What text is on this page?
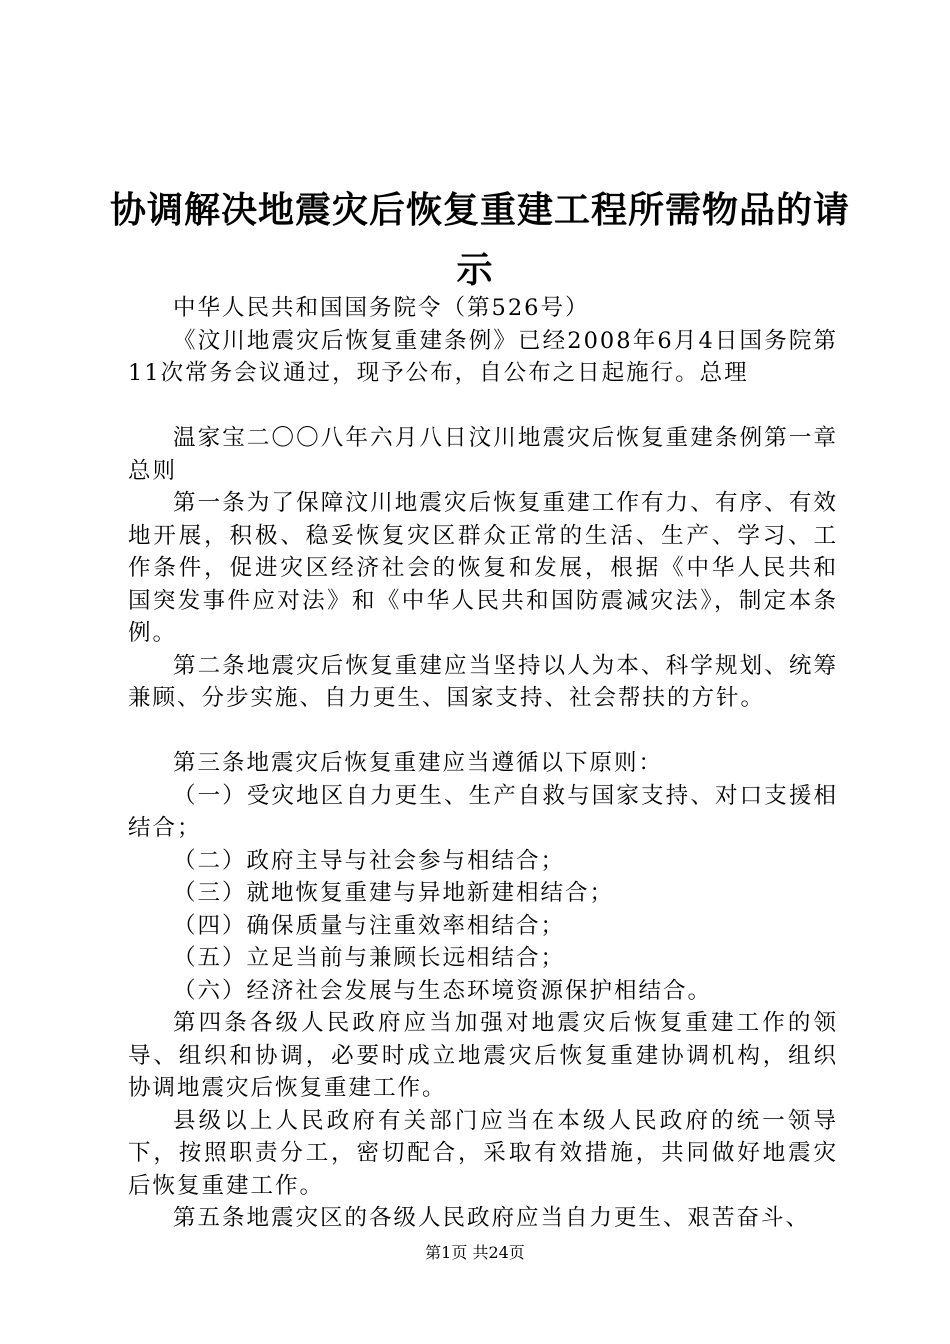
协调解决地震灾后恢复重建工程所需物品的请
示

中华人民共和国国务院令（第526号）

《汶川地震灾后恢复重建条例》已经2008年6月4日国务院第11次常务会议通过，现予公布，自公布之日起施行。总理

温家宝二〇〇八年六月八日汶川地震灾后恢复重建条例第一章总则

第一条为了保障汶川地震灾后恢复重建工作有力、有序、有效地开展，积极、稳妥恢复灾区群众正常的生活、生产、学习、工作条件，促进灾区经济社会的恢复和发展，根据《中华人民共和国突发事件应对法》和《中华人民共和国防震减灾法》，制定本条例。

第二条地震灾后恢复重建应当坚持以人为本、科学规划、统筹兼顾、分步实施、自力更生、国家支持、社会帮扶的方针。

第三条地震灾后恢复重建应当遵循以下原则：

（一）受灾地区自力更生、生产自救与国家支持、对口支援相结合；

（二）政府主导与社会参与相结合；

（三）就地恢复重建与异地新建相结合；

（四）确保质量与注重效率相结合；

（五）立足当前与兼顾长远相结合；

（六）经济社会发展与生态环境资源保护相结合。

第四条各级人民政府应当加强对地震灾后恢复重建工作的领导、组织和协调，必要时成立地震灾后恢复重建协调机构，组织协调地震灾后恢复重建工作。

县级以上人民政府有关部门应当在本级人民政府的统一领导下，按照职责分工，密切配合，采取有效措施，共同做好地震灾后恢复重建工作。

第五条地震灾区的各级人民政府应当自力更生、艰苦奋斗、

第1页 共24页
